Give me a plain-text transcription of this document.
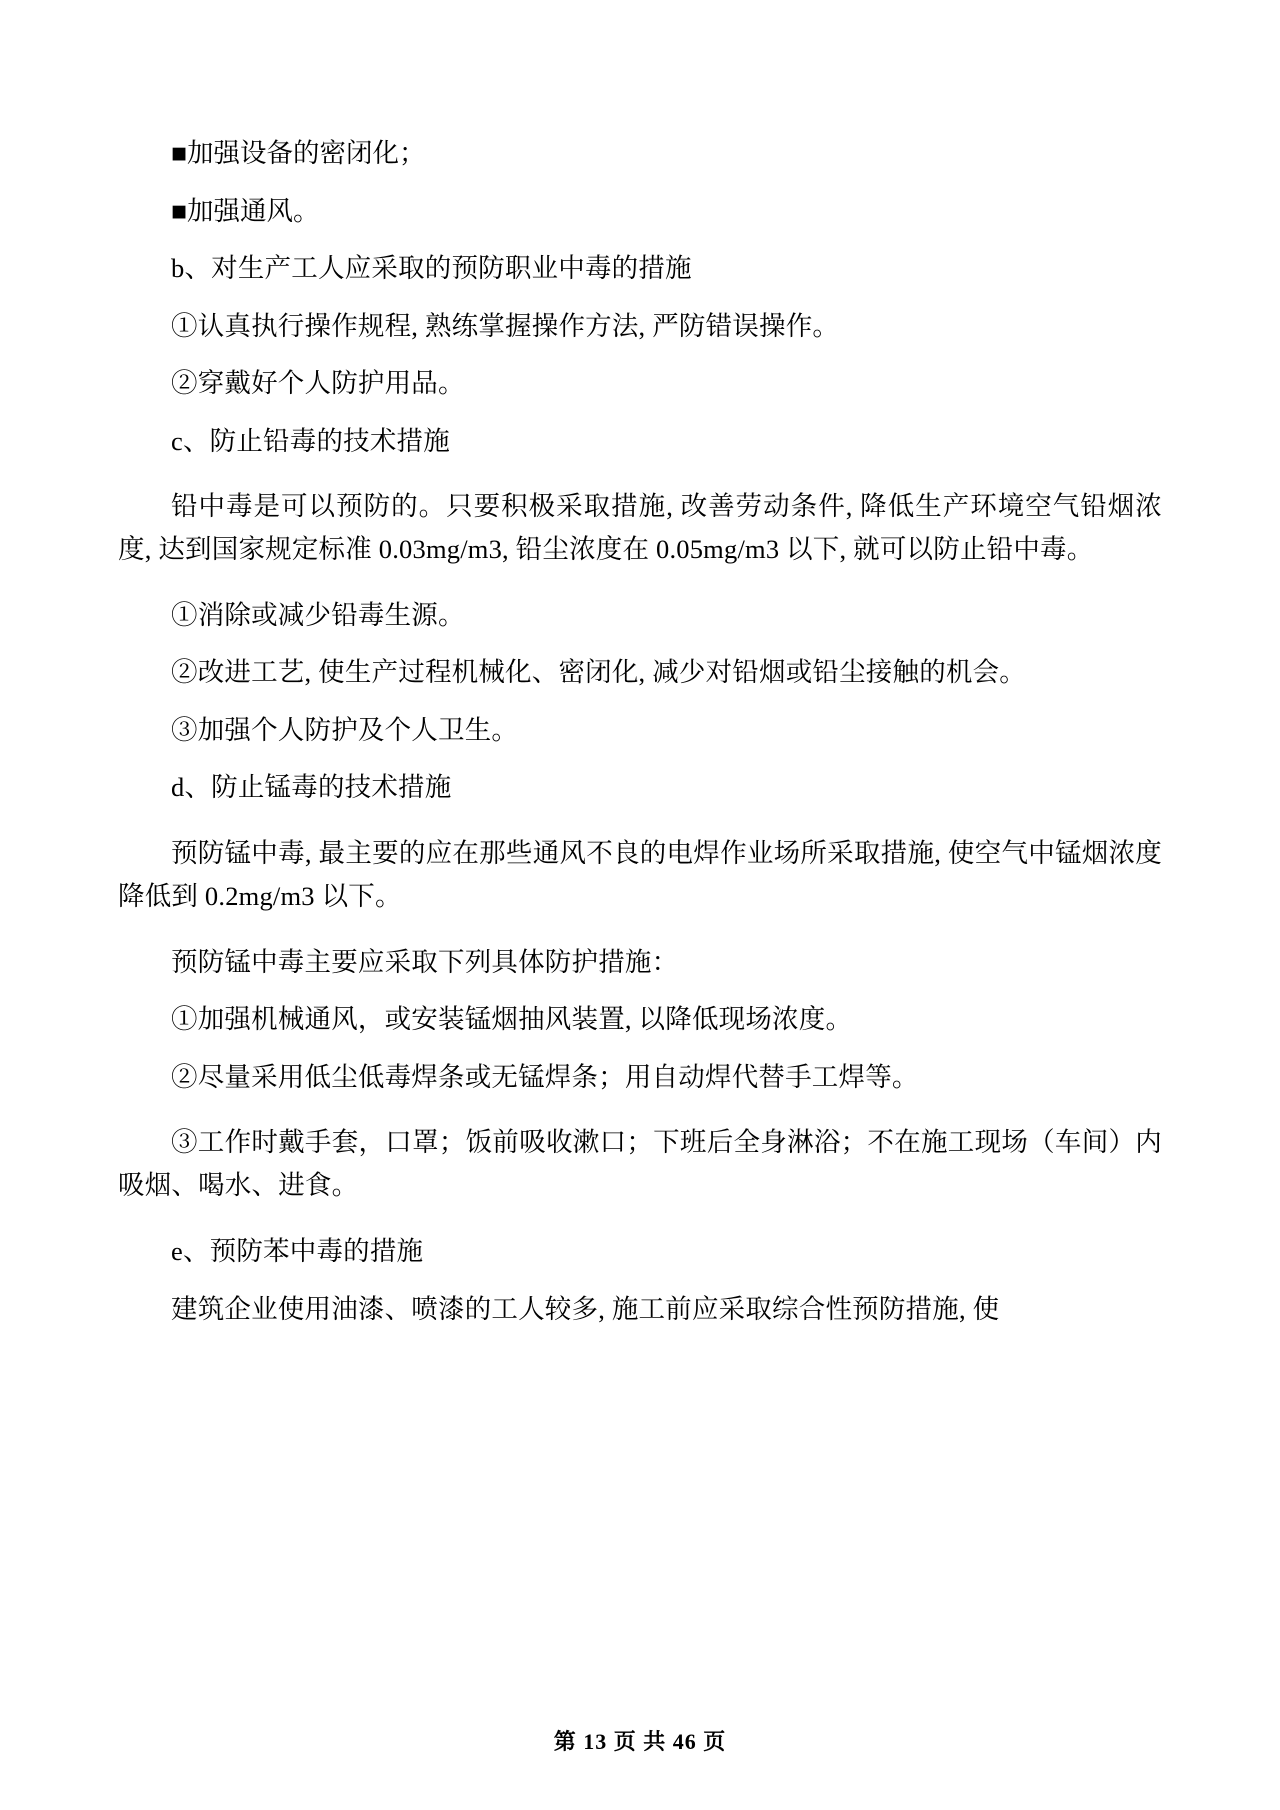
■加强设备的密闭化；

■加强通风。

b、对生产工人应采取的预防职业中毒的措施

①认真执行操作规程, 熟练掌握操作方法, 严防错误操作。

②穿戴好个人防护用品。

c、防止铅毒的技术措施

铅中毒是可以预防的。只要积极采取措施, 改善劳动条件, 降低生产环境空气铅烟浓度, 达到国家规定标准 0.03mg/m3, 铅尘浓度在 0.05mg/m3 以下, 就可以防止铅中毒。

①消除或减少铅毒生源。

②改进工艺, 使生产过程机械化、密闭化, 减少对铅烟或铅尘接触的机会。

③加强个人防护及个人卫生。

d、防止锰毒的技术措施

预防锰中毒, 最主要的应在那些通风不良的电焊作业场所采取措施, 使空气中锰烟浓度降低到 0.2mg/m3 以下。

预防锰中毒主要应采取下列具体防护措施：

①加强机械通风，或安装锰烟抽风装置, 以降低现场浓度。

②尽量采用低尘低毒焊条或无锰焊条；用自动焊代替手工焊等。

③工作时戴手套，口罩；饭前吸收漱口；下班后全身淋浴；不在施工现场（车间）内吸烟、喝水、进食。

e、预防苯中毒的措施

建筑企业使用油漆、喷漆的工人较多, 施工前应采取综合性预防措施, 使

第 13 页 共 46 页
